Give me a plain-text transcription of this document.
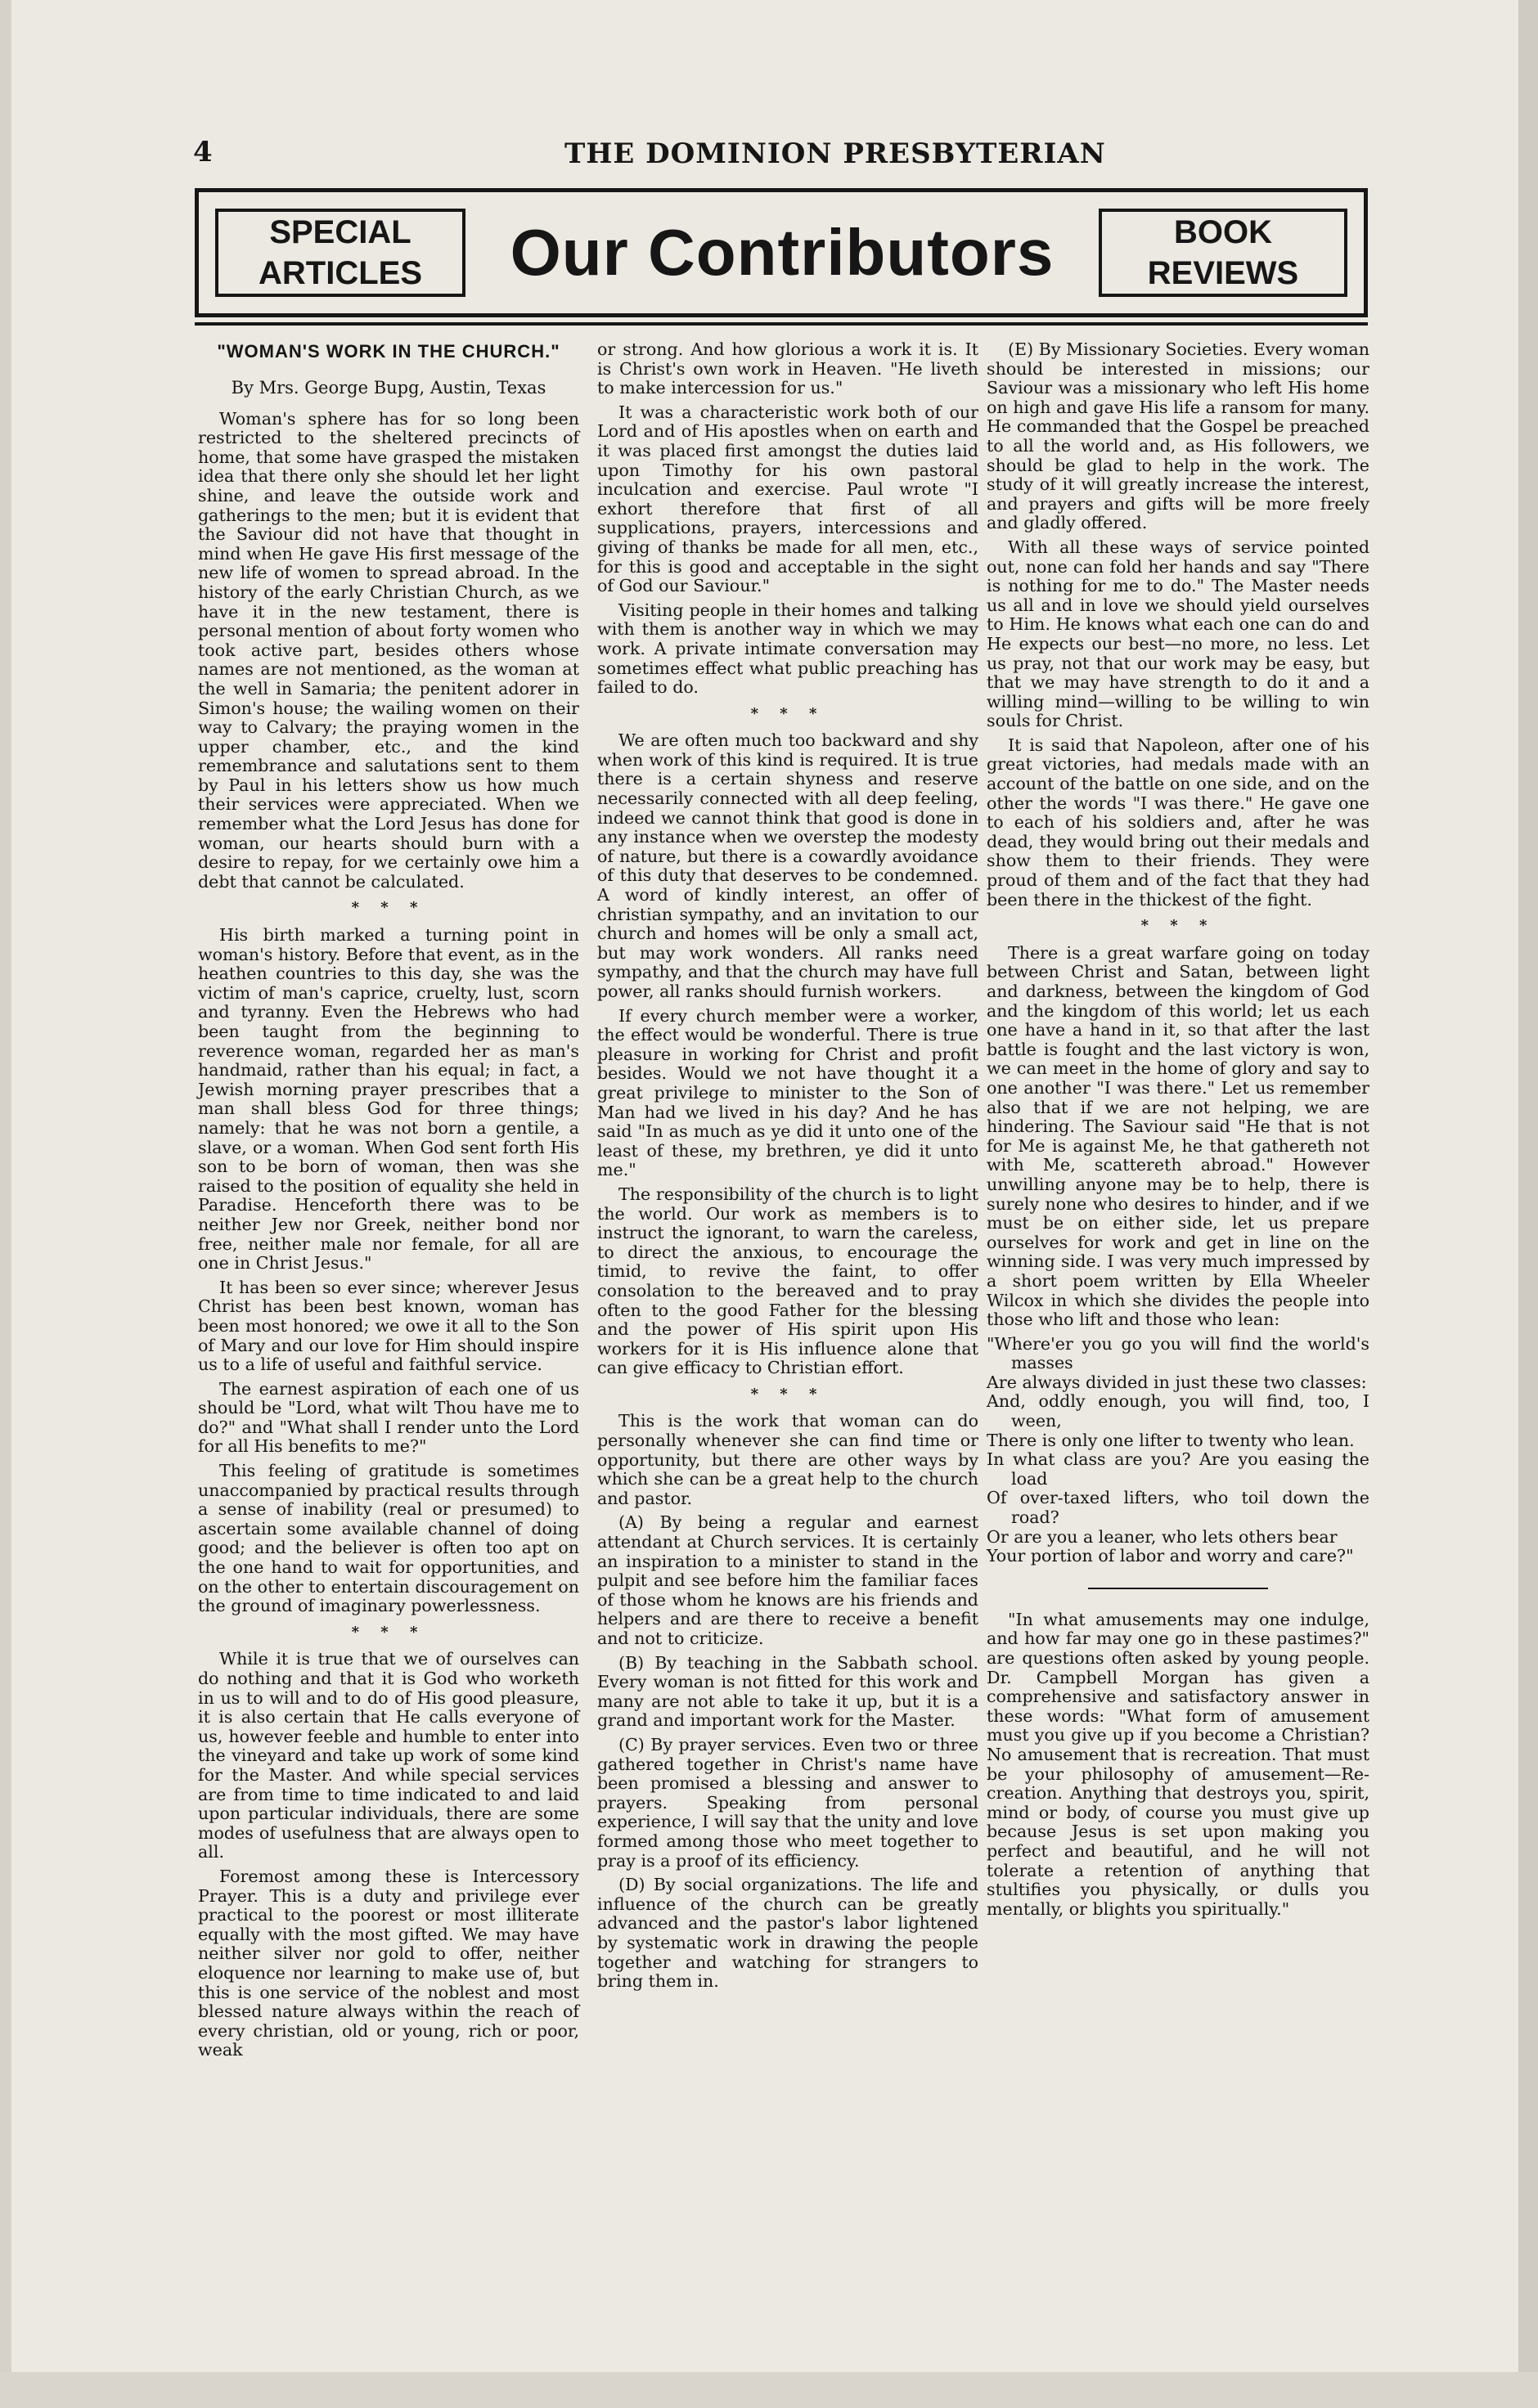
4	THE DOMINION PRESBYTERIAN
SPECIAL
ARTICLES	Our Contributors	BOOK
REVIEWS
"WOMAN'S WORK IN THE CHURCH."
By Mrs. George Bupg, Austin, Texas

Woman's sphere has for so long been restricted to the sheltered precincts of home, that some have grasped the mistaken idea that there only she should let her light shine, and leave the outside work and gatherings to the men; but it is evident that the Saviour did not have that thought in mind when He gave His first message of the new life of women to spread abroad. In the history of the early Christian Church, as we have it in the new testament, there is personal mention of about forty women who took active part, besides others whose names are not mentioned, as the woman at the well in Samaria; the penitent adorer in Simon's house; the wailing women on their way to Calvary; the praying women in the upper chamber, etc., and the kind remembrance and salutations sent to them by Paul in his letters show us how much their services were appreciated. When we remember what the Lord Jesus has done for woman, our hearts should burn with a desire to repay, for we certainly owe him a debt that cannot be calculated.

* * *

His birth marked a turning point in woman's history. Before that event, as in the heathen countries to this day, she was the victim of man's caprice, cruelty, lust, scorn and tyranny. Even the Hebrews who had been taught from the beginning to reverence woman, regarded her as man's handmaid, rather than his equal; in fact, a Jewish morning prayer prescribes that a man shall bless God for three things; namely: that he was not born a gentile, a slave, or a woman. When God sent forth His son to be born of woman, then was she raised to the position of equality she held in Paradise. Henceforth there was to be neither Jew nor Greek, neither bond nor free, neither male nor female, for all are one in Christ Jesus."

It has been so ever since; wherever Jesus Christ has been best known, woman has been most honored; we owe it all to the Son of Mary and our love for Him should inspire us to a life of useful and faithful service.

The earnest aspiration of each one of us should be "Lord, what wilt Thou have me to do?" and "What shall I render unto the Lord for all His benefits to me?"

This feeling of gratitude is sometimes unaccompanied by practical results through a sense of inability (real or presumed) to ascertain some available channel of doing good; and the believer is often too apt on the one hand to wait for opportunities, and on the other to entertain discouragement on the ground of imaginary powerlessness.

* * *

While it is true that we of ourselves can do nothing and that it is God who worketh in us to will and to do of His good pleasure, it is also certain that He calls everyone of us, however feeble and humble to enter into the vineyard and take up work of some kind for the Master. And while special services are from time to time indicated to and laid upon particular individuals, there are some modes of usefulness that are always open to all.

Foremost among these is Intercessory Prayer. This is a duty and privilege ever practical to the poorest or most illiterate equally with the most gifted. We may have neither silver nor gold to offer, neither eloquence nor learning to make use of, but this is one service of the noblest and most blessed nature always within the reach of every christian, old or young, rich or poor, weak

or strong. And how glorious a work it is. It is Christ's own work in Heaven. "He liveth to make intercession for us."

It was a characteristic work both of our Lord and of His apostles when on earth and it was placed first amongst the duties laid upon Timothy for his own pastoral inculcation and exercise. Paul wrote "I exhort therefore that first of all supplications, prayers, intercessions and giving of thanks be made for all men, etc., for this is good and acceptable in the sight of God our Saviour."

Visiting people in their homes and talking with them is another way in which we may work. A private intimate conversation may sometimes effect what public preaching has failed to do.

* * *

We are often much too backward and shy when work of this kind is required. It is true there is a certain shyness and reserve necessarily connected with all deep feeling, indeed we cannot think that good is done in any instance when we overstep the modesty of nature, but there is a cowardly avoidance of this duty that deserves to be condemned. A word of kindly interest, an offer of christian sympathy, and an invitation to our church and homes will be only a small act, but may work wonders. All ranks need sympathy, and that the church may have full power, all ranks should furnish workers.

If every church member were a worker, the effect would be wonderful. There is true pleasure in working for Christ and profit besides. Would we not have thought it a great privilege to minister to the Son of Man had we lived in his day? And he has said "In as much as ye did it unto one of the least of these, my brethren, ye did it unto me."

The responsibility of the church is to light the world. Our work as members is to instruct the ignorant, to warn the careless, to direct the anxious, to encourage the timid, to revive the faint, to offer consolation to the bereaved and to pray often to the good Father for the blessing and the power of His spirit upon His workers for it is His influence alone that can give efficacy to Christian effort.

* * *

This is the work that woman can do personally whenever she can find time or opportunity, but there are other ways by which she can be a great help to the church and pastor.

(A) By being a regular and earnest attendant at Church services. It is certainly an inspiration to a minister to stand in the pulpit and see before him the familiar faces of those whom he knows are his friends and helpers and are there to receive a benefit and not to criticize.

(B) By teaching in the Sabbath school. Every woman is not fitted for this work and many are not able to take it up, but it is a grand and important work for the Master.

(C) By prayer services. Even two or three gathered together in Christ's name have been promised a blessing and answer to prayers. Speaking from personal experience, I will say that the unity and love formed among those who meet together to pray is a proof of its efficiency.

(D) By social organizations. The life and influence of the church can be greatly advanced and the pastor's labor lightened by systematic work in drawing the people together and watching for strangers to bring them in.

(E) By Missionary Societies. Every woman should be interested in missions; our Saviour was a missionary who left His home on high and gave His life a ransom for many. He commanded that the Gospel be preached to all the world and, as His followers, we should be glad to help in the work. The study of it will greatly increase the interest, and prayers and gifts will be more freely and gladly offered.

With all these ways of service pointed out, none can fold her hands and say "There is nothing for me to do." The Master needs us all and in love we should yield ourselves to Him. He knows what each one can do and He expects our best—no more, no less. Let us pray, not that our work may be easy, but that we may have strength to do it and a willing mind—willing to be willing to win souls for Christ.

It is said that Napoleon, after one of his great victories, had medals made with an account of the battle on one side, and on the other the words "I was there." He gave one to each of his soldiers and, after he was dead, they would bring out their medals and show them to their friends. They were proud of them and of the fact that they had been there in the thickest of the fight.

* * *

There is a great warfare going on today between Christ and Satan, between light and darkness, between the kingdom of God and the kingdom of this world; let us each one have a hand in it, so that after the last battle is fought and the last victory is won, we can meet in the home of glory and say to one another "I was there." Let us remember also that if we are not helping, we are hindering. The Saviour said "He that is not for Me is against Me, he that gathereth not with Me, scattereth abroad." However unwilling anyone may be to help, there is surely none who desires to hinder, and if we must be on either side, let us prepare ourselves for work and get in line on the winning side. I was very much impressed by a short poem written by Ella Wheeler Wilcox in which she divides the people into those who lift and those who lean:

"Where'er you go you will find the world's masses
Are always divided in just these two classes:
And, oddly enough, you will find, too, I ween,
There is only one lifter to twenty who lean.
In what class are you? Are you easing the load
Of over-taxed lifters, who toil down the road?
Or are you a leaner, who lets others bear
Your portion of labor and worry and care?"

"In what amusements may one indulge, and how far may one go in these pastimes?" are questions often asked by young people. Dr. Campbell Morgan has given a comprehensive and satisfactory answer in these words: "What form of amusement must you give up if you become a Christian? No amusement that is recreation. That must be your philosophy of amusement—Re-creation. Anything that destroys you, spirit, mind or body, of course you must give up because Jesus is set upon making you perfect and beautiful, and he will not tolerate a retention of anything that stultifies you physically, or dulls you mentally, or blights you spiritually."
